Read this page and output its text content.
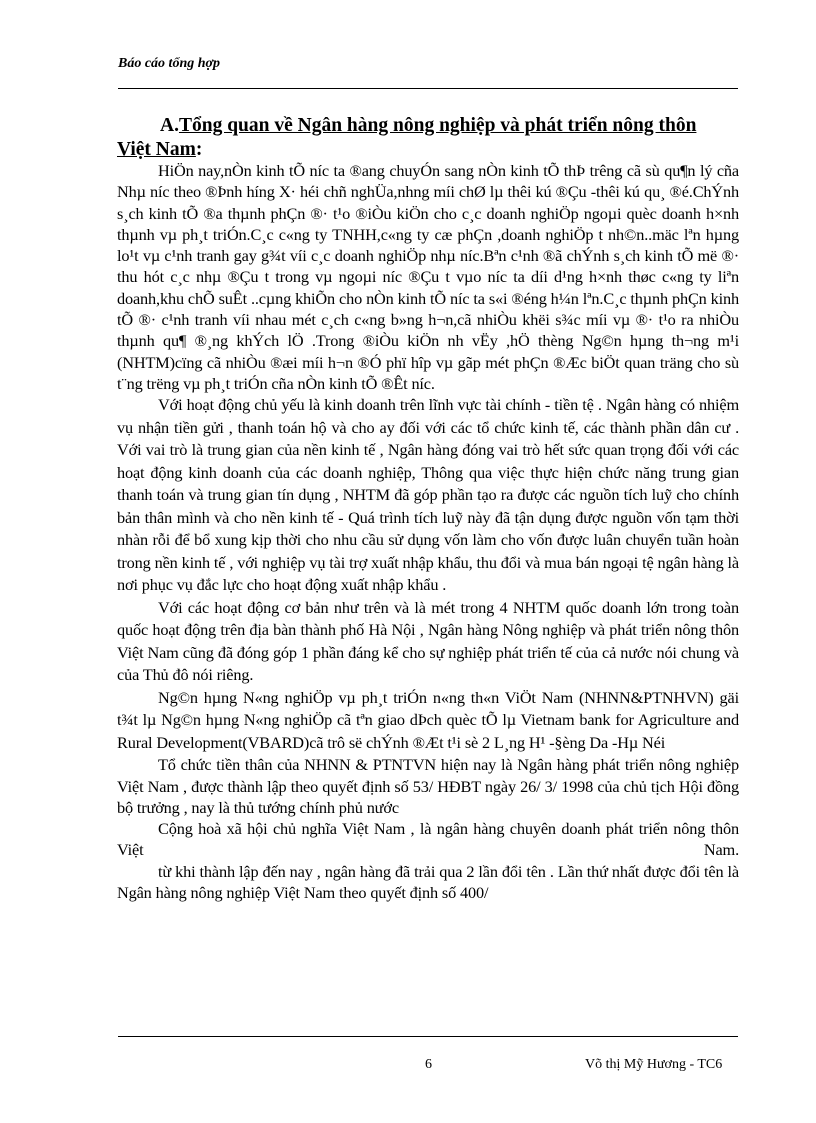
Báo cáo tổng hợp
A.Tổng quan về Ngân hàng nông nghiệp và phát triển nông thôn
Việt Nam:

HiÖn nay,nÒn kinh tÕ níc ta ®ang chuyÓn sang nÒn kinh tÕ thÞ trêng cã sù qu¶n lý cña Nhµ níc theo ®Þnh híng X· héi chñ nghÜa,nhng míi chØ lµ thêi kú ®Çu -thêi kú qu¸ ®é.ChÝnh s¸ch kinh tÕ ®a thµnh phÇn ®· t¹o ®iÒu kiÖn cho c¸c doanh nghiÖp ngoµi quèc doanh h×nh thµnh vµ ph¸t triÓn.C¸c c«ng ty TNHH,c«ng ty cæ phÇn ,doanh nghiÖp t nh©n..mäc lªn hµng lo¹t vµ c¹nh tranh gay g¾t víi c¸c doanh nghiÖp nhµ níc.Bªn c¹nh ®ã chÝnh s¸ch kinh tÕ më ®· thu hót c¸c nhµ ®Çu t trong vµ ngoµi níc ®Çu t vµo níc ta díi d¹ng h×nh thøc c«ng ty liªn doanh,khu chÕ suÊt ..cµng khiÕn cho nÒn kinh tÕ níc ta s«i ®éng h¼n lªn.C¸c thµnh phÇn kinh tÕ ®· c¹nh tranh víi nhau mét c¸ch c«ng b»ng h¬n,cã nhiÒu khëi s¾c míi vµ ®· t¹o ra nhiÒu thµnh qu¶ ®¸ng khÝch lÖ .Trong ®iÒu kiÖn nh vËy ,hÖ thèng Ng©n hµng th¬ng m¹i (NHTM)cïng cã nhiÒu ®æi míi h¬n ®Ó phï hîp vµ gãp mét phÇn ®Æc biÖt quan träng cho sù t¨ng trëng vµ ph¸t triÓn cña nÒn kinh tÕ ®Êt níc.

Với hoạt động chủ yếu là kinh doanh trên lĩnh vực tài chính - tiền tệ . Ngân hàng có nhiệm vụ nhận tiền gửi , thanh toán hộ và cho ay đối với các tổ chức kinh tế, các thành phần dân cư . Với vai trò là trung gian của nền kinh tế , Ngân hàng đóng vai trò hết sức quan trọng đối với các hoạt động kinh doanh của các doanh nghiệp, Thông qua việc thực hiện chức năng trung gian thanh toán và trung gian tín dụng , NHTM đã góp phần tạo ra được các nguồn tích luỹ cho chính bản thân mình và cho nền kinh tế - Quá trình tích luỹ này đã tận dụng được nguồn vốn tạm thời nhàn rỗi để bổ xung kịp thời cho nhu cầu sử dụng vốn làm cho vốn được luân chuyển tuần hoàn trong nền kinh tế , với nghiệp vụ tài trợ xuất nhập khẩu, thu đổi và mua bán ngoại tệ ngân hàng là nơi phục vụ đắc lực cho hoạt động xuất nhập khẩu .

Với các hoạt động cơ bản như trên và là mét trong 4 NHTM quốc doanh lớn trong toàn quốc hoạt động trên địa bàn thành phố Hà Nội , Ngân hàng Nông nghiệp và phát triển nông thôn Việt Nam cũng đã đóng góp 1 phần đáng kể cho sự nghiệp phát triển tế của cả nước nói chung và của Thủ đô nói riêng.

Ng©n hµng N«ng nghiÖp vµ ph¸t triÓn n«ng th«n ViÖt Nam (NHNN&PTNHVN) gäi t¾t lµ Ng©n hµng N«ng nghiÖp cã tªn giao dÞch quèc tÕ lµ Vietnam bank for Agriculture and Rural Development(VBARD)cã trô së chÝnh ®Æt t¹i sè 2 L¸ng H¹ -§èng Da -Hµ Néi

Tổ chức tiền thân của NHNN & PTNTVN hiện nay là Ngân hàng phát triển nông nghiệp Việt Nam , được thành lập theo quyết định số 53/ HĐBT ngày 26/ 3/ 1998 của chủ tịch Hội đồng bộ trưởng , nay là thủ tướng chính phủ nước

Cộng hoà xã hội chủ nghĩa Việt Nam , là ngân hàng chuyên doanh phát triển nông thôn Việt Nam.

từ khi thành lập đến nay , ngân hàng đã trải qua 2 lần đổi tên . Lần thứ nhất được đổi tên là Ngân hàng nông nghiệp Việt Nam theo quyết định số 400/

6	Võ thị Mỹ Hương - TC6
